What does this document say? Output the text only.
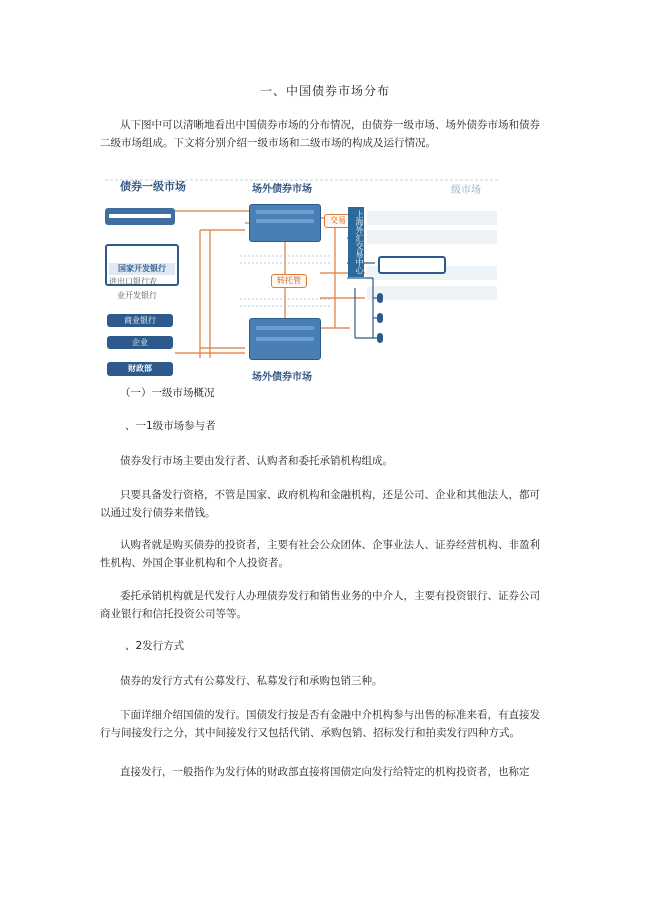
一、中国债券市场分布

从下图中可以清晰地看出中国债券市场的分布情况，由债券一级市场、场外债券市场和债券二级市场组成。下文将分别介绍一级市场和二级市场的构成及运行情况。

债券一级市场	场外债券市场	级市场
场外债券市场
国家开发银行
进出口银行农
业开发银行
商业银行
企业
财政部
交易
转托管
上海外汇交易中心
（一）一级市场概况
、一1级市场参与者

债券发行市场主要由发行者、认购者和委托承销机构组成。

只要具备发行资格，不管是国家、政府机构和金融机构，还是公司、企业和其他法人，都可以通过发行债券来借钱。

认购者就是购买债券的投资者，主要有社会公众团体、企事业法人、证券经营机构、非盈利性机构、外国企事业机构和个人投资者。

委托承销机构就是代发行人办理债券发行和销售业务的中介人，主要有投资银行、证券公司商业银行和信托投资公司等等。

、2发行方式

债券的发行方式有公募发行、私募发行和承购包销三种。

下面详细介绍国债的发行。国债发行按是否有金融中介机构参与出售的标准来看，有直接发行与间接发行之分，其中间接发行又包括代销、承购包销、招标发行和拍卖发行四种方式。

直接发行，一般指作为发行体的财政部直接将国债定向发行给特定的机构投资者，也称定
